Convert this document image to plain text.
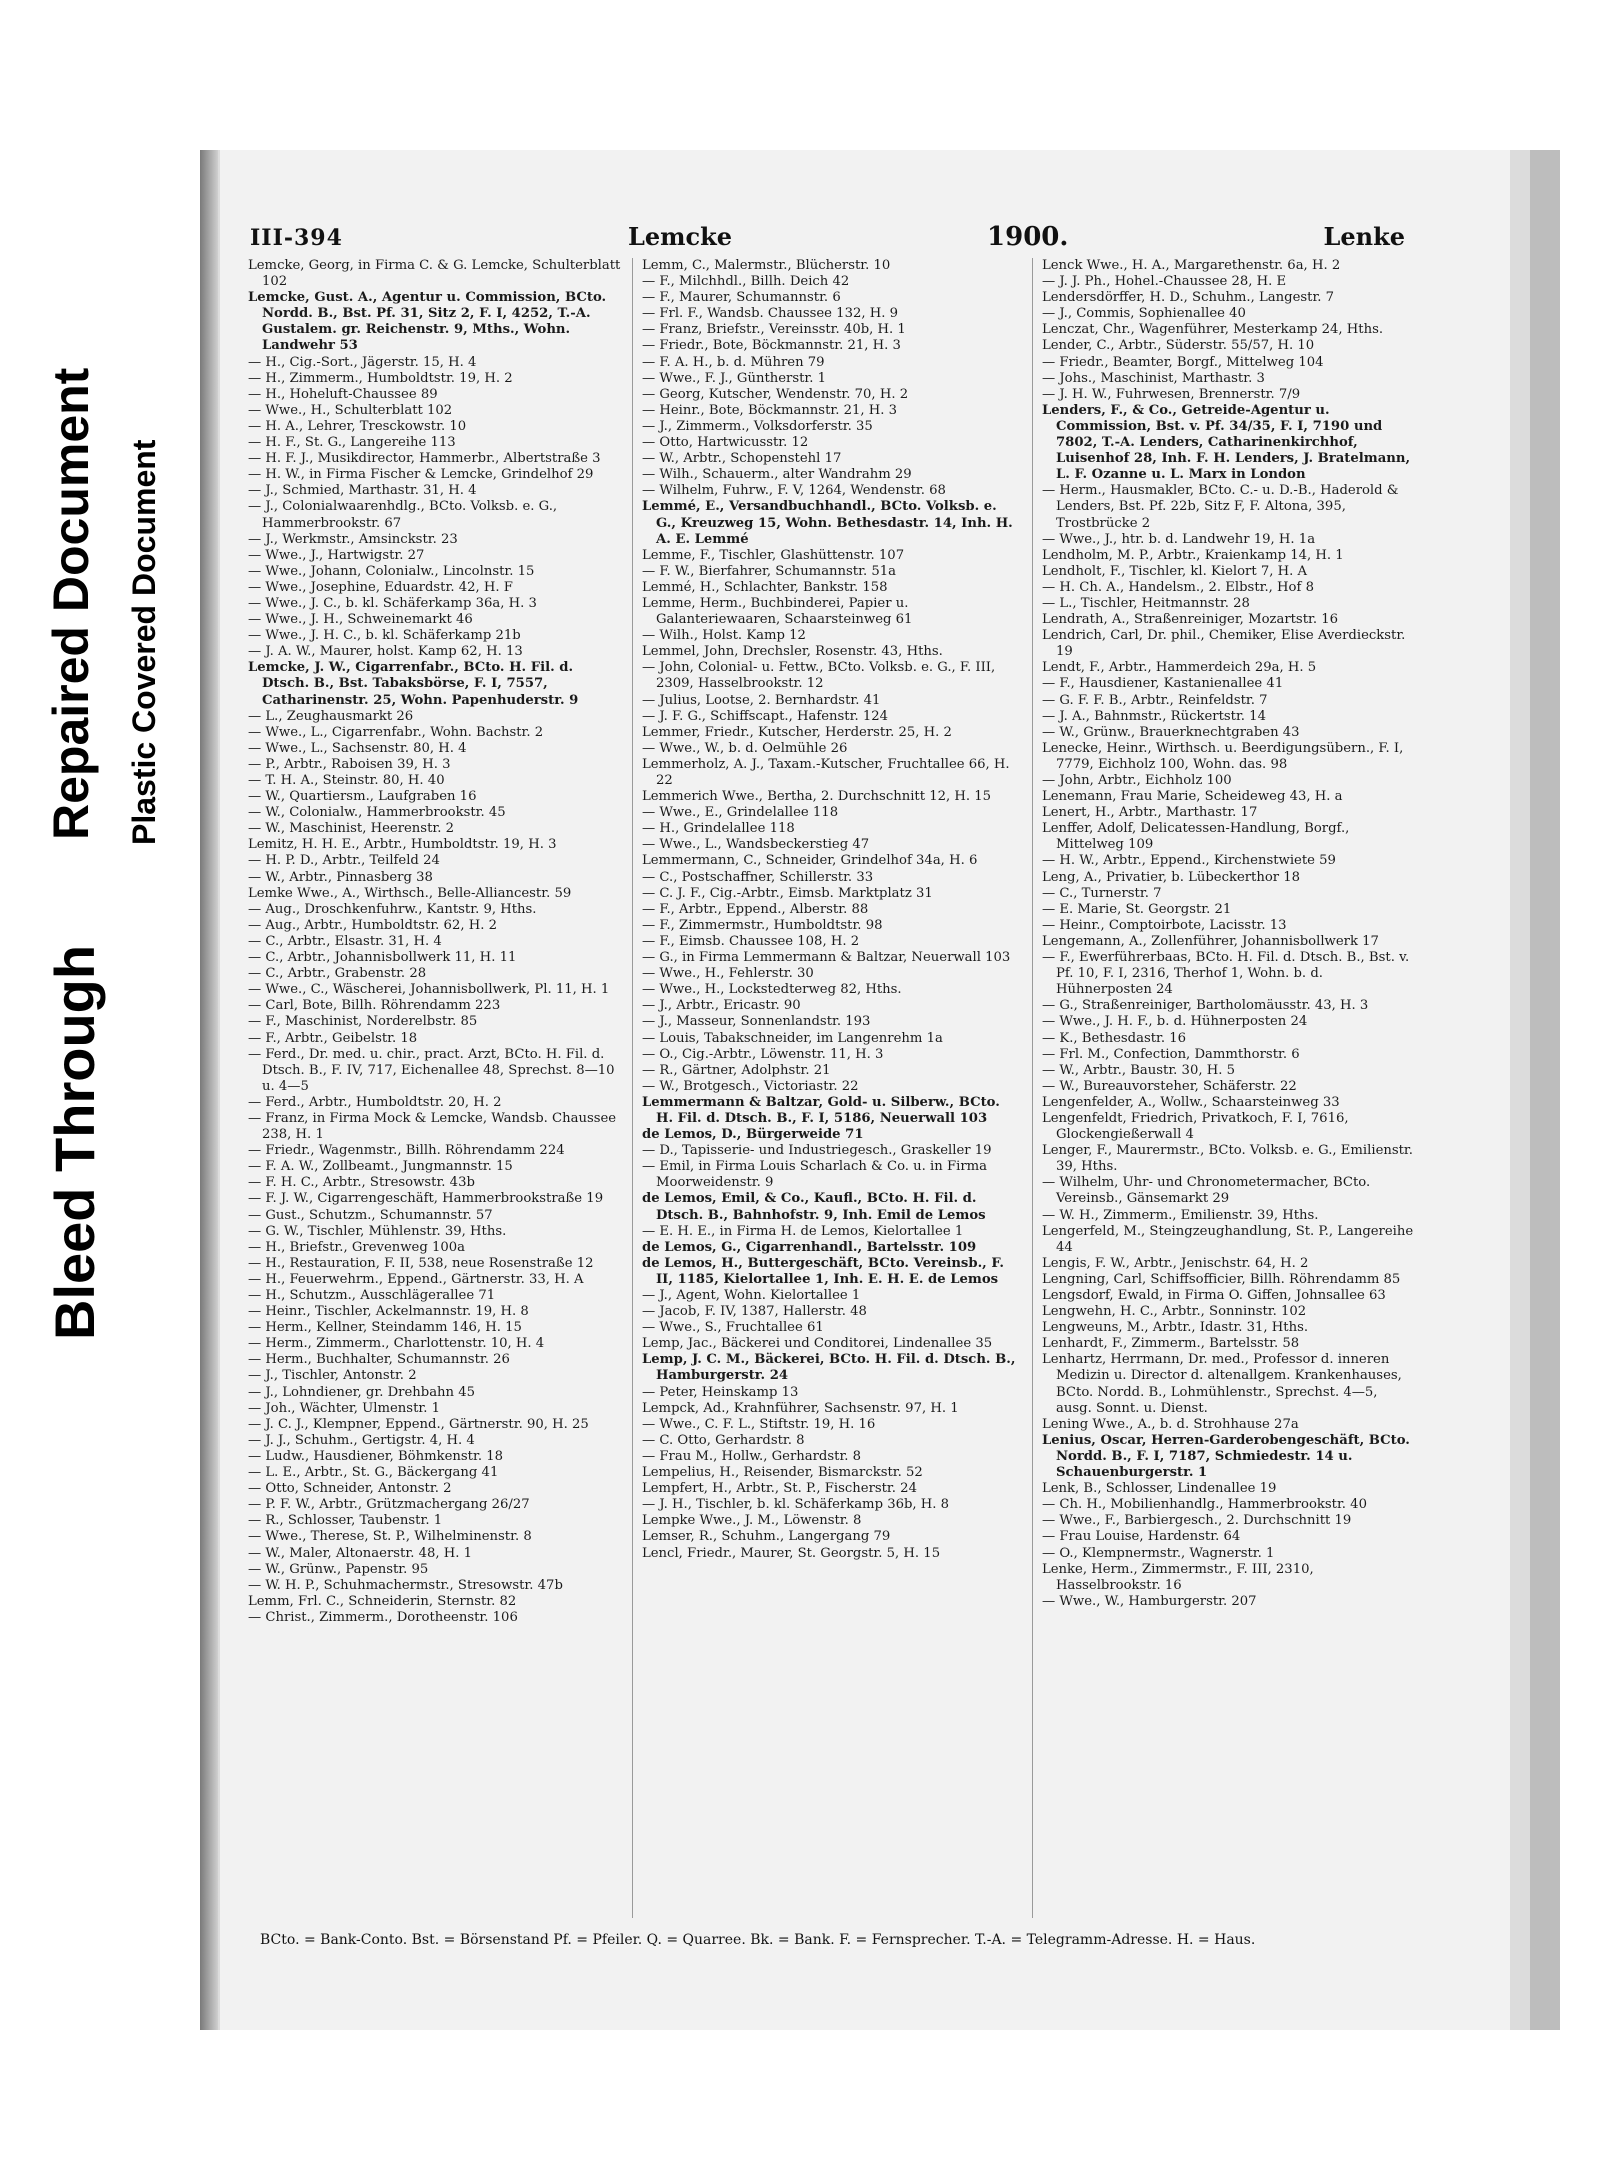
Bleed Through
Repaired Document Plastic Covered Document
III-394	Lemcke	1900.	Lenke
Lemcke, Georg, in Firma C. & G. Lemcke, Schulterblatt 102
Lemcke, Gust. A., Agentur u. Commission, BCto. Nordd. B., Bst. Pf. 31, Sitz 2, F. I, 4252, T.-A. Gustalem. gr. Reichenstr. 9, Mths., Wohn. Landwehr 53
— H., Cig.-Sort., Jägerstr. 15, H. 4
— H., Zimmerm., Humboldtstr. 19, H. 2
— H., Hoheluft-Chaussee 89
— Wwe., H., Schulterblatt 102
— H. A., Lehrer, Tresckowstr. 10
— H. F., St. G., Langereihe 113
— H. F. J., Musikdirector, Hammerbr., Albertstraße 3
— H. W., in Firma Fischer & Lemcke, Grindelhof 29
— J., Schmied, Marthastr. 31, H. 4
— J., Colonialwaarenhdlg., BCto. Volksb. e. G., Hammerbrookstr. 67
— J., Werkmstr., Amsinckstr. 23
— Wwe., J., Hartwigstr. 27
— Wwe., Johann, Colonialw., Lincolnstr. 15
— Wwe., Josephine, Eduardstr. 42, H. F
— Wwe., J. C., b. kl. Schäferkamp 36a, H. 3
— Wwe., J. H., Schweinemarkt 46
— Wwe., J. H. C., b. kl. Schäferkamp 21b
— J. A. W., Maurer, holst. Kamp 62, H. 13
Lemcke, J. W., Cigarrenfabr., BCto. H. Fil. d. Dtsch. B., Bst. Tabaksbörse, F. I, 7557, Catharinenstr. 25, Wohn. Papenhuderstr. 9
— L., Zeughausmarkt 26
— Wwe., L., Cigarrenfabr., Wohn. Bachstr. 2
— Wwe., L., Sachsenstr. 80, H. 4
— P., Arbtr., Raboisen 39, H. 3
— T. H. A., Steinstr. 80, H. 40
— W., Quartiersm., Laufgraben 16
— W., Colonialw., Hammerbrookstr. 45
— W., Maschinist, Heerenstr. 2
Lemitz, H. H. E., Arbtr., Humboldtstr. 19, H. 3
— H. P. D., Arbtr., Teilfeld 24
— W., Arbtr., Pinnasberg 38
Lemke Wwe., A., Wirthsch., Belle-Alliancestr. 59
— Aug., Droschkenfuhrw., Kantstr. 9, Hths.
— Aug., Arbtr., Humboldtstr. 62, H. 2
— C., Arbtr., Elsastr. 31, H. 4
— C., Arbtr., Johannisbollwerk 11, H. 11
— C., Arbtr., Grabenstr. 28
— Wwe., C., Wäscherei, Johannisbollwerk, Pl. 11, H. 1
— Carl, Bote, Billh. Röhrendamm 223
— F., Maschinist, Norderelbstr. 85
— F., Arbtr., Geibelstr. 18
— Ferd., Dr. med. u. chir., pract. Arzt, BCto. H. Fil. d. Dtsch. B., F. IV, 717, Eichenallee 48, Sprechst. 8—10 u. 4—5
— Ferd., Arbtr., Humboldtstr. 20, H. 2
— Franz, in Firma Mock & Lemcke, Wandsb. Chaussee 238, H. 1
— Friedr., Wagenmstr., Billh. Röhrendamm 224
— F. A. W., Zollbeamt., Jungmannstr. 15
— F. H. C., Arbtr., Stresowstr. 43b
— F. J. W., Cigarrengeschäft, Hammerbrookstraße 19
— Gust., Schutzm., Schumannstr. 57
— G. W., Tischler, Mühlenstr. 39, Hths.
— H., Briefstr., Grevenweg 100a
— H., Restauration, F. II, 538, neue Rosenstraße 12
— H., Feuerwehrm., Eppend., Gärtnerstr. 33, H. A
— H., Schutzm., Ausschlägerallee 71
— Heinr., Tischler, Ackelmannstr. 19, H. 8
— Herm., Kellner, Steindamm 146, H. 15
— Herm., Zimmerm., Charlottenstr. 10, H. 4
— Herm., Buchhalter, Schumannstr. 26
— J., Tischler, Antonstr. 2
— J., Lohndiener, gr. Drehbahn 45
— Joh., Wächter, Ulmenstr. 1
— J. C. J., Klempner, Eppend., Gärtnerstr. 90, H. 25
— J. J., Schuhm., Gertigstr. 4, H. 4
— Ludw., Hausdiener, Böhmkenstr. 18
— L. E., Arbtr., St. G., Bäckergang 41
— Otto, Schneider, Antonstr. 2
— P. F. W., Arbtr., Grützmachergang 26/27
— R., Schlosser, Taubenstr. 1
— Wwe., Therese, St. P., Wilhelminenstr. 8
— W., Maler, Altonaerstr. 48, H. 1
— W., Grünw., Papenstr. 95
— W. H. P., Schuhmachermstr., Stresowstr. 47b
Lemm, Frl. C., Schneiderin, Sternstr. 82
— Christ., Zimmerm., Dorotheenstr. 106
Lemm, C., Malermstr., Blücherstr. 10
— F., Milchhdl., Billh. Deich 42
— F., Maurer, Schumannstr. 6
— Frl. F., Wandsb. Chaussee 132, H. 9
— Franz, Briefstr., Vereinsstr. 40b, H. 1
— Friedr., Bote, Böckmannstr. 21, H. 3
— F. A. H., b. d. Mühren 79
— Wwe., F. J., Güntherstr. 1
— Georg, Kutscher, Wendenstr. 70, H. 2
— Heinr., Bote, Böckmannstr. 21, H. 3
— J., Zimmerm., Volksdorferstr. 35
— Otto, Hartwicusstr. 12
— W., Arbtr., Schopenstehl 17
— Wilh., Schauerm., alter Wandrahm 29
— Wilhelm, Fuhrw., F. V, 1264, Wendenstr. 68
Lemmé, E., Versandbuchhandl., BCto. Volksb. e. G., Kreuzweg 15, Wohn. Bethesdastr. 14, Inh. H. A. E. Lemmé
Lemme, F., Tischler, Glashüttenstr. 107
— F. W., Bierfahrer, Schumannstr. 51a
Lemmé, H., Schlachter, Bankstr. 158
Lemme, Herm., Buchbinderei, Papier u. Galanteriewaaren, Schaarsteinweg 61
— Wilh., Holst. Kamp 12
Lemmel, John, Drechsler, Rosenstr. 43, Hths.
— John, Colonial- u. Fettw., BCto. Volksb. e. G., F. III, 2309, Hasselbrookstr. 12
— Julius, Lootse, 2. Bernhardstr. 41
— J. F. G., Schiffscapt., Hafenstr. 124
Lemmer, Friedr., Kutscher, Herderstr. 25, H. 2
— Wwe., W., b. d. Oelmühle 26
Lemmerholz, A. J., Taxam.-Kutscher, Fruchtallee 66, H. 22
Lemmerich Wwe., Bertha, 2. Durchschnitt 12, H. 15
— Wwe., E., Grindelallee 118
— H., Grindelallee 118
— Wwe., L., Wandsbeckerstieg 47
Lemmermann, C., Schneider, Grindelhof 34a, H. 6
— C., Postschaffner, Schillerstr. 33
— C. J. F., Cig.-Arbtr., Eimsb. Marktplatz 31
— F., Arbtr., Eppend., Alberstr. 88
— F., Zimmermstr., Humboldtstr. 98
— F., Eimsb. Chaussee 108, H. 2
— G., in Firma Lemmermann & Baltzar, Neuerwall 103
— Wwe., H., Fehlerstr. 30
— Wwe., H., Lockstedterweg 82, Hths.
— J., Arbtr., Ericastr. 90
— J., Masseur, Sonnenlandstr. 193
— Louis, Tabakschneider, im Langenrehm 1a
— O., Cig.-Arbtr., Löwenstr. 11, H. 3
— R., Gärtner, Adolphstr. 21
— W., Brotgesch., Victoriastr. 22
Lemmermann & Baltzar, Gold- u. Silberw., BCto. H. Fil. d. Dtsch. B., F. I, 5186, Neuerwall 103
de Lemos, D., Bürgerweide 71
— D., Tapisserie- und Industriegesch., Graskeller 19
— Emil, in Firma Louis Scharlach & Co. u. in Firma Moorweidenstr. 9
de Lemos, Emil, & Co., Kaufl., BCto. H. Fil. d. Dtsch. B., Bahnhofstr. 9, Inh. Emil de Lemos
— E. H. E., in Firma H. de Lemos, Kielortallee 1
de Lemos, G., Cigarrenhandl., Bartelsstr. 109
de Lemos, H., Buttergeschäft, BCto. Vereinsb., F. II, 1185, Kielortallee 1, Inh. E. H. E. de Lemos
— J., Agent, Wohn. Kielortallee 1
— Jacob, F. IV, 1387, Hallerstr. 48
— Wwe., S., Fruchtallee 61
Lemp, Jac., Bäckerei und Conditorei, Lindenallee 35
Lemp, J. C. M., Bäckerei, BCto. H. Fil. d. Dtsch. B., Hamburgerstr. 24
— Peter, Heinskamp 13
Lempck, Ad., Krahnführer, Sachsenstr. 97, H. 1
— Wwe., C. F. L., Stiftstr. 19, H. 16
— C. Otto, Gerhardstr. 8
— Frau M., Hollw., Gerhardstr. 8
Lempelius, H., Reisender, Bismarckstr. 52
Lempfert, H., Arbtr., St. P., Fischerstr. 24
— J. H., Tischler, b. kl. Schäferkamp 36b, H. 8
Lempke Wwe., J. M., Löwenstr. 8
Lemser, R., Schuhm., Langergang 79
Lencl, Friedr., Maurer, St. Georgstr. 5, H. 15
Lenck Wwe., H. A., Margarethenstr. 6a, H. 2
— J. J. Ph., Hohel.-Chaussee 28, H. E
Lendersdörffer, H. D., Schuhm., Langestr. 7
— J., Commis, Sophienallee 40
Lenczat, Chr., Wagenführer, Mesterkamp 24, Hths.
Lender, C., Arbtr., Süderstr. 55/57, H. 10
— Friedr., Beamter, Borgf., Mittelweg 104
— Johs., Maschinist, Marthastr. 3
— J. H. W., Fuhrwesen, Brennerstr. 7/9
Lenders, F., & Co., Getreide-Agentur u. Commission, Bst. v. Pf. 34/35, F. I, 7190 und 7802, T.-A. Lenders, Catharinenkirchhof, Luisenhof 28, Inh. F. H. Lenders, J. Bratelmann, L. F. Ozanne u. L. Marx in London
— Herm., Hausmakler, BCto. C.- u. D.-B., Haderold & Lenders, Bst. Pf. 22b, Sitz F, F. Altona, 395, Trostbrücke 2
— Wwe., J., htr. b. d. Landwehr 19, H. 1a
Lendholm, M. P., Arbtr., Kraienkamp 14, H. 1
Lendholt, F., Tischler, kl. Kielort 7, H. A
— H. Ch. A., Handelsm., 2. Elbstr., Hof 8
— L., Tischler, Heitmannstr. 28
Lendrath, A., Straßenreiniger, Mozartstr. 16
Lendrich, Carl, Dr. phil., Chemiker, Elise Averdieckstr. 19
Lendt, F., Arbtr., Hammerdeich 29a, H. 5
— F., Hausdiener, Kastanienallee 41
— G. F. F. B., Arbtr., Reinfeldstr. 7
— J. A., Bahnmstr., Rückertstr. 14
— W., Grünw., Brauerknechtgraben 43
Lenecke, Heinr., Wirthsch. u. Beerdigungsübern., F. I, 7779, Eichholz 100, Wohn. das. 98
— John, Arbtr., Eichholz 100
Lenemann, Frau Marie, Scheideweg 43, H. a
Lenert, H., Arbtr., Marthastr. 17
Lenffer, Adolf, Delicatessen-Handlung, Borgf., Mittelweg 109
— H. W., Arbtr., Eppend., Kirchenstwiete 59
Leng, A., Privatier, b. Lübeckerthor 18
— C., Turnerstr. 7
— E. Marie, St. Georgstr. 21
— Heinr., Comptoirbote, Lacisstr. 13
Lengemann, A., Zollenführer, Johannisbollwerk 17
— F., Ewerführerbaas, BCto. H. Fil. d. Dtsch. B., Bst. v. Pf. 10, F. I, 2316, Therhof 1, Wohn. b. d. Hühnerposten 24
— G., Straßenreiniger, Bartholomäusstr. 43, H. 3
— Wwe., J. H. F., b. d. Hühnerposten 24
— K., Bethesdastr. 16
— Frl. M., Confection, Dammthorstr. 6
— W., Arbtr., Baustr. 30, H. 5
— W., Bureauvorsteher, Schäferstr. 22
Lengenfelder, A., Wollw., Schaarsteinweg 33
Lengenfeldt, Friedrich, Privatkoch, F. I, 7616, Glockengießerwall 4
Lenger, F., Maurermstr., BCto. Volksb. e. G., Emilienstr. 39, Hths.
— Wilhelm, Uhr- und Chronometermacher, BCto. Vereinsb., Gänsemarkt 29
— W. H., Zimmerm., Emilienstr. 39, Hths.
Lengerfeld, M., Steingzeughandlung, St. P., Langereihe 44
Lengis, F. W., Arbtr., Jenischstr. 64, H. 2
Lengning, Carl, Schiffsofficier, Billh. Röhrendamm 85
Lengsdorf, Ewald, in Firma O. Giffen, Johnsallee 63
Lengwehn, H. C., Arbtr., Sonninstr. 102
Lengweuns, M., Arbtr., Idastr. 31, Hths.
Lenhardt, F., Zimmerm., Bartelsstr. 58
Lenhartz, Herrmann, Dr. med., Professor d. inneren Medizin u. Director d. altenallgem. Krankenhauses, BCto. Nordd. B., Lohmühlenstr., Sprechst. 4—5, ausg. Sonnt. u. Dienst.
Lening Wwe., A., b. d. Strohhause 27a
Lenius, Oscar, Herren-Garderobengeschäft, BCto. Nordd. B., F. I, 7187, Schmiedestr. 14 u. Schauenburgerstr. 1
Lenk, B., Schlosser, Lindenallee 19
— Ch. H., Mobilienhandlg., Hammerbrookstr. 40
— Wwe., F., Barbiergesch., 2. Durchschnitt 19
— Frau Louise, Hardenstr. 64
— O., Klempnermstr., Wagnerstr. 1
Lenke, Herm., Zimmermstr., F. III, 2310, Hasselbrookstr. 16
— Wwe., W., Hamburgerstr. 207
BCto. = Bank-Conto. Bst. = Börsenstand Pf. = Pfeiler. Q. = Quarree. Bk. = Bank. F. = Fernsprecher. T.-A. = Telegramm-Adresse. H. = Haus.
